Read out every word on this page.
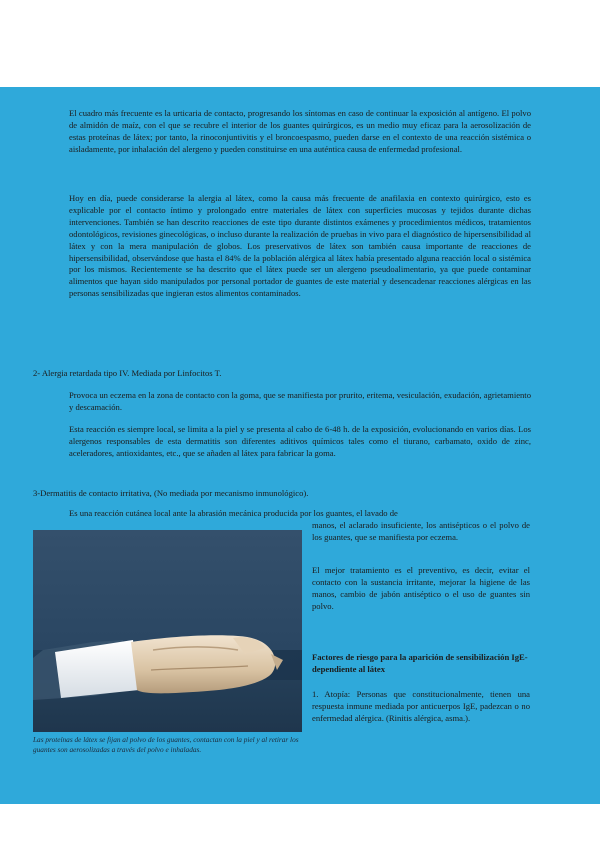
El cuadro más frecuente es la urticaria de contacto, progresando los síntomas en caso de continuar la exposición al antígeno. El polvo de almidón de maíz, con el que se recubre el interior de los guantes quirúrgicos, es un medio muy eficaz para la aerosolización de estas proteínas de látex; por tanto, la rinoconjuntivitis y el broncoespasmo, pueden darse en el contexto de una reacción sistémica o aisladamente, por inhalación del alergeno y pueden constituirse en una auténtica causa de enfermedad profesional.

Hoy en día, puede considerarse la alergia al látex, como la causa más frecuente de anafilaxia en contexto quirúrgico, esto es explicable por el contacto íntimo y prolongado entre materiales de látex con superficies mucosas y tejidos durante dichas intervenciones. También se han descrito reacciones de este tipo durante distintos exámenes y procedimientos médicos, tratamientos odontológicos, revisiones ginecológicas, o incluso durante la realización de pruebas in vivo para el diagnóstico de hipersensibilidad al látex y con la mera manipulación de globos. Los preservativos de látex son también causa importante de reacciones de hipersensibilidad, observándose que hasta el 84% de la población alérgica al látex había presentado alguna reacción local o sistémica por los mismos. Recientemente se ha descrito que el látex puede ser un alergeno pseudoalimentario, ya que puede contaminar alimentos que hayan sido manipulados por personal portador de guantes de este material y desencadenar reacciones alérgicas en las personas sensibilizadas que ingieran estos alimentos contaminados.

2- Alergia retardada tipo IV. Mediada por Linfocitos T.

Provoca un eczema en la zona de contacto con la goma, que se manifiesta por prurito, eritema, vesiculación, exudación, agrietamiento y descamación.

Esta reacción es siempre local, se limita a la piel y se presenta al cabo de 6-48 h. de la exposición, evolucionando en varios días. Los alergenos responsables de esta dermatitis son diferentes aditivos químicos tales como el tiurano, carbamato, oxido de zinc, aceleradores, antioxidantes, etc., que se añaden al látex para fabricar la goma.

3-Dermatitis de contacto irritativa, (No mediada por mecanismo inmunológico).

Es una reacción cutánea local ante la abrasión mecánica producida por los guantes, el lavado de

manos, el aclarado insuficiente, los antisépticos o el polvo de los guantes, que se manifiesta por eczema.

El mejor tratamiento es el preventivo, es decir, evitar el contacto con la sustancia irritante, mejorar la higiene de las manos, cambio de jabón antiséptico o el uso de guantes sin polvo.

Factores de riesgo para la aparición de sensibilización IgE-dependiente al látex

1. Atopía: Personas que constitucionalmente, tienen una respuesta inmune mediada por anticuerpos IgE, padezcan o no enfermedad alérgica. (Rinitis alérgica, asma.).

Las proteínas de látex se fijan al polvo de los guantes, contactan con la piel y al retirar los guantes son aerosolizadas a través del polvo e inhaladas.
